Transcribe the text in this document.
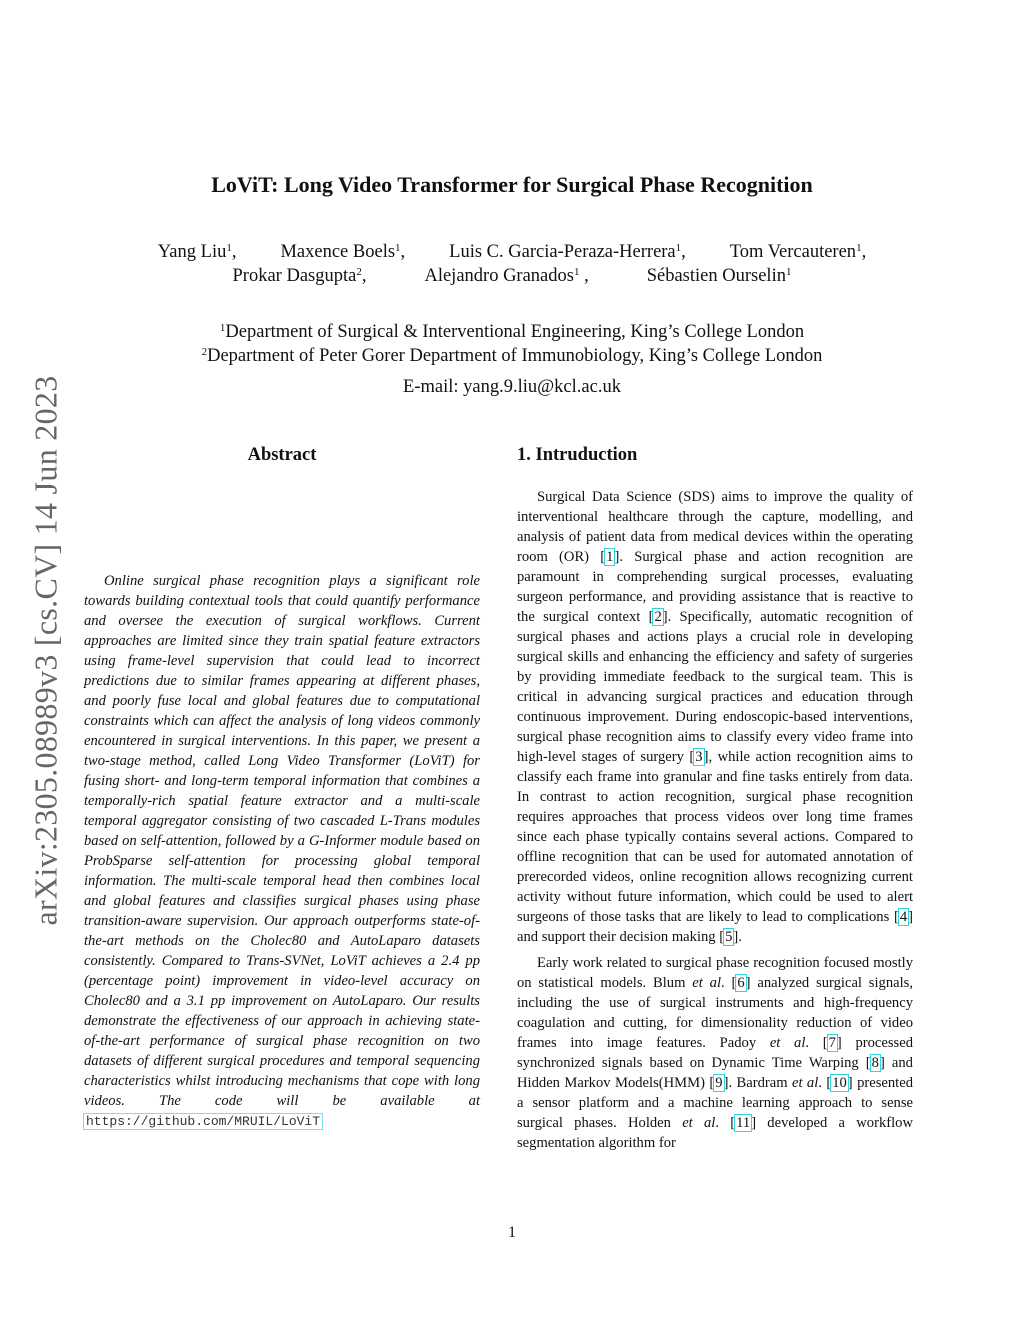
arXiv:2305.08989v3 [cs.CV] 14 Jun 2023
LoViT: Long Video Transformer for Surgical Phase Recognition
Yang Liu$^1$, Maxence Boels$^1$, Luis C. Garcia-Peraza-Herrera$^1$, Tom Vercauteren$^1$,
Prokar Dasgupta$^2$,	Alejandro Granados$^1$ ,	Sébastien Ourselin$^1$
$^1$Department of Surgical & Interventional Engineering, King’s College London
$^2$Department of Peter Gorer Department of Immunobiology, King’s College London
E-mail: yang.9.liu@kcl.ac.uk
Abstract	1. Intruduction

Online surgical phase recognition plays a significant role towards building contextual tools that could quantify performance and oversee the execution of surgical workflows. Current approaches are limited since they train spatial feature extractors using frame-level supervision that could lead to incorrect predictions due to similar frames appearing at different phases, and poorly fuse local and global features due to computational constraints which can affect the analysis of long videos commonly encountered in surgical interventions. In this paper, we present a two-stage method, called Long Video Transformer (LoViT) for fusing short- and long-term temporal information that combines a temporally-rich spatial feature extractor and a multi-scale temporal aggregator consisting of two cascaded L-Trans modules based on self-attention, followed by a G-Informer module based on ProbSparse self-attention for processing global temporal information. The multi-scale temporal head then combines local and global features and classifies surgical phases using phase transition-aware supervision. Our approach outperforms state-of-the-art methods on the Cholec80 and AutoLaparo datasets consistently. Compared to Trans-SVNet, LoViT achieves a 2.4 pp (percentage point) improvement in video-level accuracy on Cholec80 and a 3.1 pp improvement on AutoLaparo. Our results demonstrate the effectiveness of our approach in achieving state-of-the-art performance of surgical phase recognition on two datasets of different surgical procedures and temporal sequencing characteristics whilst introducing mechanisms that cope with long videos. The code will be available at https://github.com/MRUIL/LoViT

Surgical Data Science (SDS) aims to improve the quality of interventional healthcare through the capture, modelling, and analysis of patient data from medical devices within the operating room (OR) [1]. Surgical phase and action recognition are paramount in comprehending surgical processes, evaluating surgeon performance, and providing assistance that is reactive to the surgical context [2]. Specifically, automatic recognition of surgical phases and actions plays a crucial role in developing surgical skills and enhancing the efficiency and safety of surgeries by providing immediate feedback to the surgical team. This is critical in advancing surgical practices and education through continuous improvement. During endoscopic-based interventions, surgical phase recognition aims to classify every video frame into high-level stages of surgery [3], while action recognition aims to classify each frame into granular and fine tasks entirely from data. In contrast to action recognition, surgical phase recognition requires approaches that process videos over long time frames since each phase typically contains several actions. Compared to offline recognition that can be used for automated annotation of prerecorded videos, online recognition allows recognizing current activity without future information, which could be used to alert surgeons of those tasks that are likely to lead to complications [4] and support their decision making [5].

Early work related to surgical phase recognition focused mostly on statistical models. Blum et al. [6] analyzed surgical signals, including the use of surgical instruments and high-frequency coagulation and cutting, for dimensionality reduction of video frames into image features. Padoy et al. [7] processed synchronized signals based on Dynamic Time Warping [8] and Hidden Markov Models(HMM) [9]. Bardram et al. [10] presented a sensor platform and a machine learning approach to sense surgical phases. Holden et al. [11] developed a workflow segmentation algorithm for

1
